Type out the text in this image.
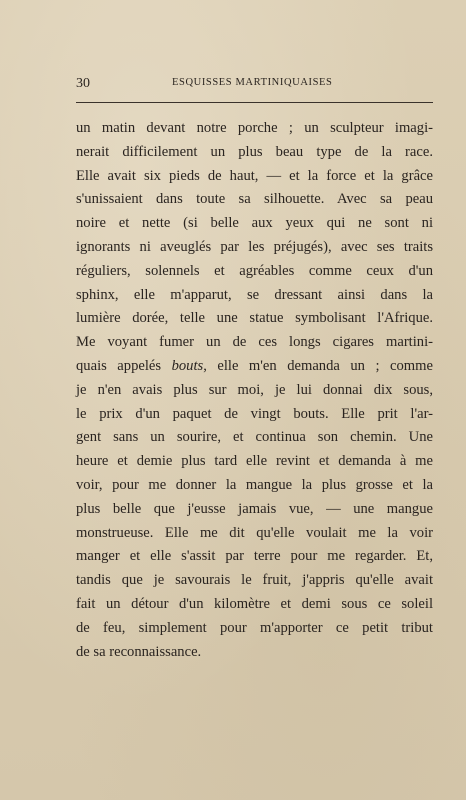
30	ESQUISSES MARTINIQUAISES
un matin devant notre porche ; un sculpteur imagi-
nerait difficilement un plus beau type de la race.
Elle avait six pieds de haut, — et la force et la grâce
s'unissaient dans toute sa silhouette. Avec sa peau
noire et nette (si belle aux yeux qui ne sont ni
ignorants ni aveuglés par les préjugés), avec ses traits
réguliers, solennels et agréables comme ceux d'un
sphinx, elle m'apparut, se dressant ainsi dans la
lumière dorée, telle une statue symbolisant l'Afrique.
Me voyant fumer un de ces longs cigares martini-
quais appelés bouts, elle m'en demanda un ; comme
je n'en avais plus sur moi, je lui donnai dix sous,
le prix d'un paquet de vingt bouts. Elle prit l'ar-
gent sans un sourire, et continua son chemin. Une
heure et demie plus tard elle revint et demanda à me
voir, pour me donner la mangue la plus grosse et la
plus belle que j'eusse jamais vue, — une mangue
monstrueuse. Elle me dit qu'elle voulait me la voir
manger et elle s'assit par terre pour me regarder. Et,
tandis que je savourais le fruit, j'appris qu'elle avait
fait un détour d'un kilomètre et demi sous ce soleil
de feu, simplement pour m'apporter ce petit tribut
de sa reconnaissance.
